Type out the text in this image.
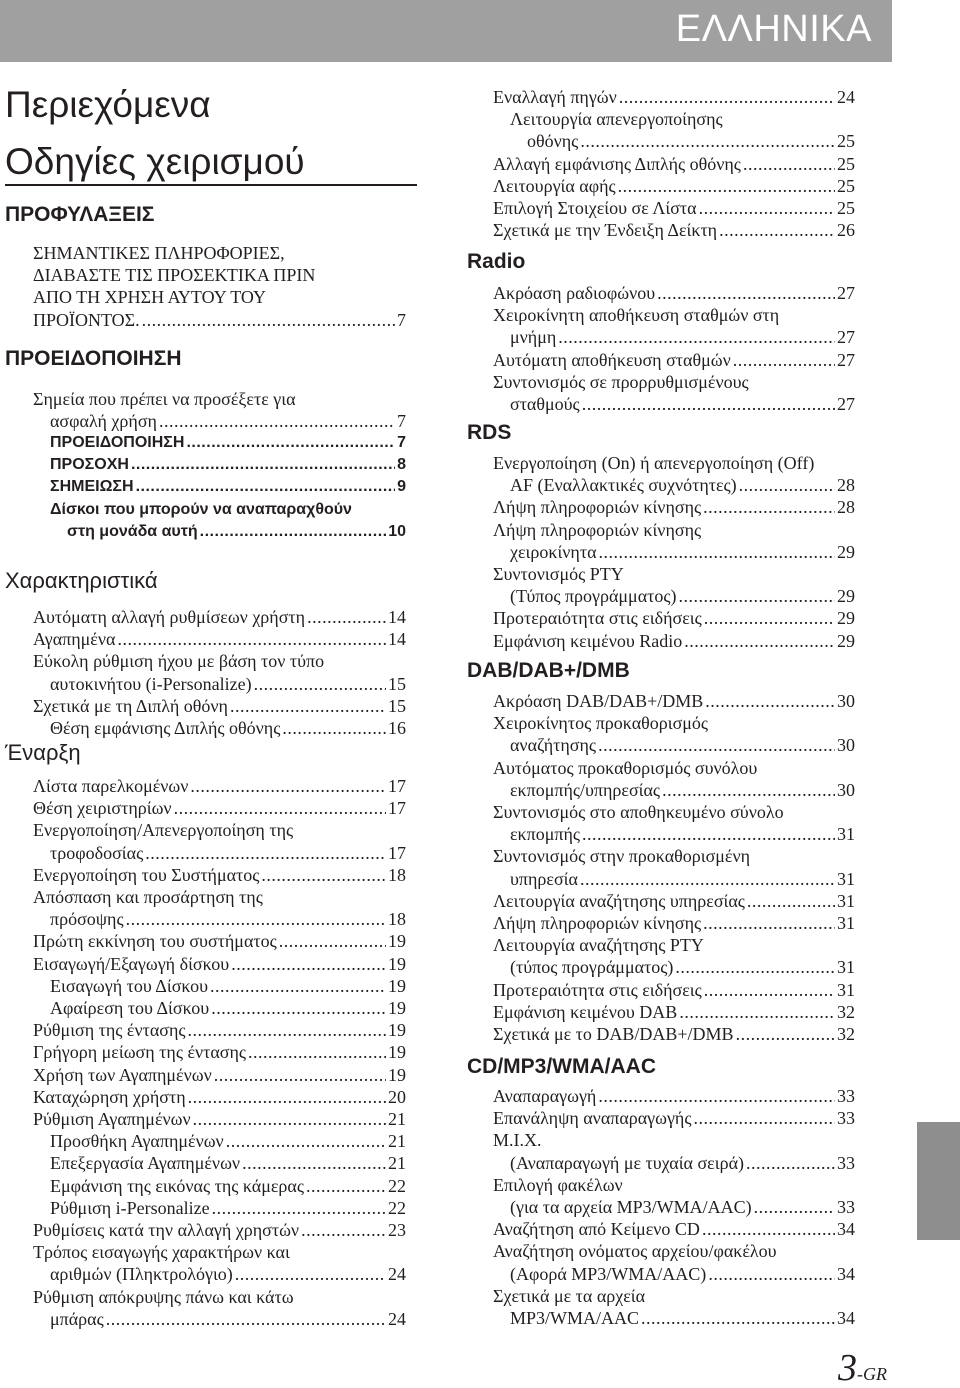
ΕΛΛΗΝΙΚΑ
Περιεχόμενα
Οδηγίες χειρισμού
ΠΡΟΦΥΛΑΞΕΙΣ
ΣΗΜΑΝΤΙΚΕΣ ΠΛΗΡΟΦΟΡΙΕΣ,
ΔΙΑΒΑΣΤΕ ΤΙΣ ΠΡΟΣΕΚΤΙΚΑ ΠΡΙΝ
ΑΠΟ ΤΗ ΧΡΗΣΗ ΑΥΤΟΥ ΤΟΥ
ΠΡΟΪΟΝΤΟΣ. .....	7
ΠΡΟΕΙΔΟΠΟΙΗΣΗ
Σημεία που πρέπει να προσέξετε για
ασφαλή χρήση .....	7
ΠΡΟΕΙΔΟΠΟΙΗΣΗ .....	7
ΠΡΟΣΟΧΗ .....	8
ΣΗΜΕΙΩΣΗ .....	9
Δίσκοι που μπορούν να αναπαραχθούν
στη μονάδα αυτή .....	10
Χαρακτηριστικά
Αυτόματη αλλαγή ρυθμίσεων χρήστη .....	14
Αγαπημένα .....	14
Εύκολη ρύθμιση ήχου με βάση τον τύπο
αυτοκινήτου (i-Personalize) .....	15
Σχετικά με τη Διπλή οθόνη .....	15
Θέση εμφάνισης Διπλής οθόνης .....	16
Έναρξη
Λίστα παρελκομένων .....	17
Θέση χειριστηρίων .....	17
Ενεργοποίηση/Απενεργοποίηση της
τροφοδοσίας .....	17
Ενεργοποίηση του Συστήματος .....	18
Απόσπαση και προσάρτηση της
πρόσοψης .....	18
Πρώτη εκκίνηση του συστήματος .....	19
Εισαγωγή/Εξαγωγή δίσκου .....	19
Εισαγωγή του Δίσκου .....	19
Αφαίρεση του Δίσκου .....	19
Ρύθμιση της έντασης .....	19
Γρήγορη μείωση της έντασης .....	19
Χρήση των Αγαπημένων .....	19
Καταχώρηση χρήστη .....	20
Ρύθμιση Αγαπημένων .....	21
Προσθήκη Αγαπημένων .....	21
Επεξεργασία Αγαπημένων .....	21
Εμφάνιση της εικόνας της κάμερας .....	22
Ρύθμιση i-Personalize .....	22
Ρυθμίσεις κατά την αλλαγή χρηστών .....	23
Τρόπος εισαγωγής χαρακτήρων και
αριθμών (Πληκτρολόγιο) .....	24
Ρύθμιση απόκρυψης πάνω και κάτω
μπάρας .....	24
Εναλλαγή πηγών .....	24
Λειτουργία απενεργοποίησης
οθόνης .....	25
Αλλαγή εμφάνισης Διπλής οθόνης .....	25
Λειτουργία αφής .....	25
Επιλογή Στοιχείου σε Λίστα .....	25
Σχετικά με την Ένδειξη Δείκτη .....	26
Radio
Ακρόαση ραδιοφώνου .....	27
Χειροκίνητη αποθήκευση σταθμών στη
μνήμη .....	27
Αυτόματη αποθήκευση σταθμών .....	27
Συντονισμός σε προρρυθμισμένους
σταθμούς .....	27
RDS
Ενεργοποίηση (On) ή απενεργοποίηση (Off)
AF (Εναλλακτικές συχνότητες) .....	28
Λήψη πληροφοριών κίνησης .....	28
Λήψη πληροφοριών κίνησης
χειροκίνητα .....	29
Συντονισμός PTY
(Τύπος προγράμματος) .....	29
Προτεραιότητα στις ειδήσεις .....	29
Εμφάνιση κειμένου Radio .....	29
DAB/DAB+/DMB
Ακρόαση DAB/DAB+/DMB .....	30
Χειροκίνητος προκαθορισμός
αναζήτησης .....	30
Αυτόματος προκαθορισμός συνόλου
εκπομπής/υπηρεσίας .....	30
Συντονισμός στο αποθηκευμένο σύνολο
εκπομπής .....	31
Συντονισμός στην προκαθορισμένη
υπηρεσία .....	31
Λειτουργία αναζήτησης υπηρεσίας .....	31
Λήψη πληροφοριών κίνησης .....	31
Λειτουργία αναζήτησης PTY
(τύπος προγράμματος) .....	31
Προτεραιότητα στις ειδήσεις .....	31
Εμφάνιση κειμένου DAB .....	32
Σχετικά με το DAB/DAB+/DMB .....	32
CD/MP3/WMA/AAC
Αναπαραγωγή .....	33
Επανάληψη αναπαραγωγής .....	33
M.I.X.
(Αναπαραγωγή με τυχαία σειρά) .....	33
Επιλογή φακέλων
(για τα αρχεία MP3/WMA/AAC) .....	33
Αναζήτηση από Κείμενο CD .....	34
Αναζήτηση ονόματος αρχείου/φακέλου
(Αφορά MP3/WMA/AAC) .....	34
Σχετικά με τα αρχεία
MP3/WMA/AAC .....	34
3-GR
